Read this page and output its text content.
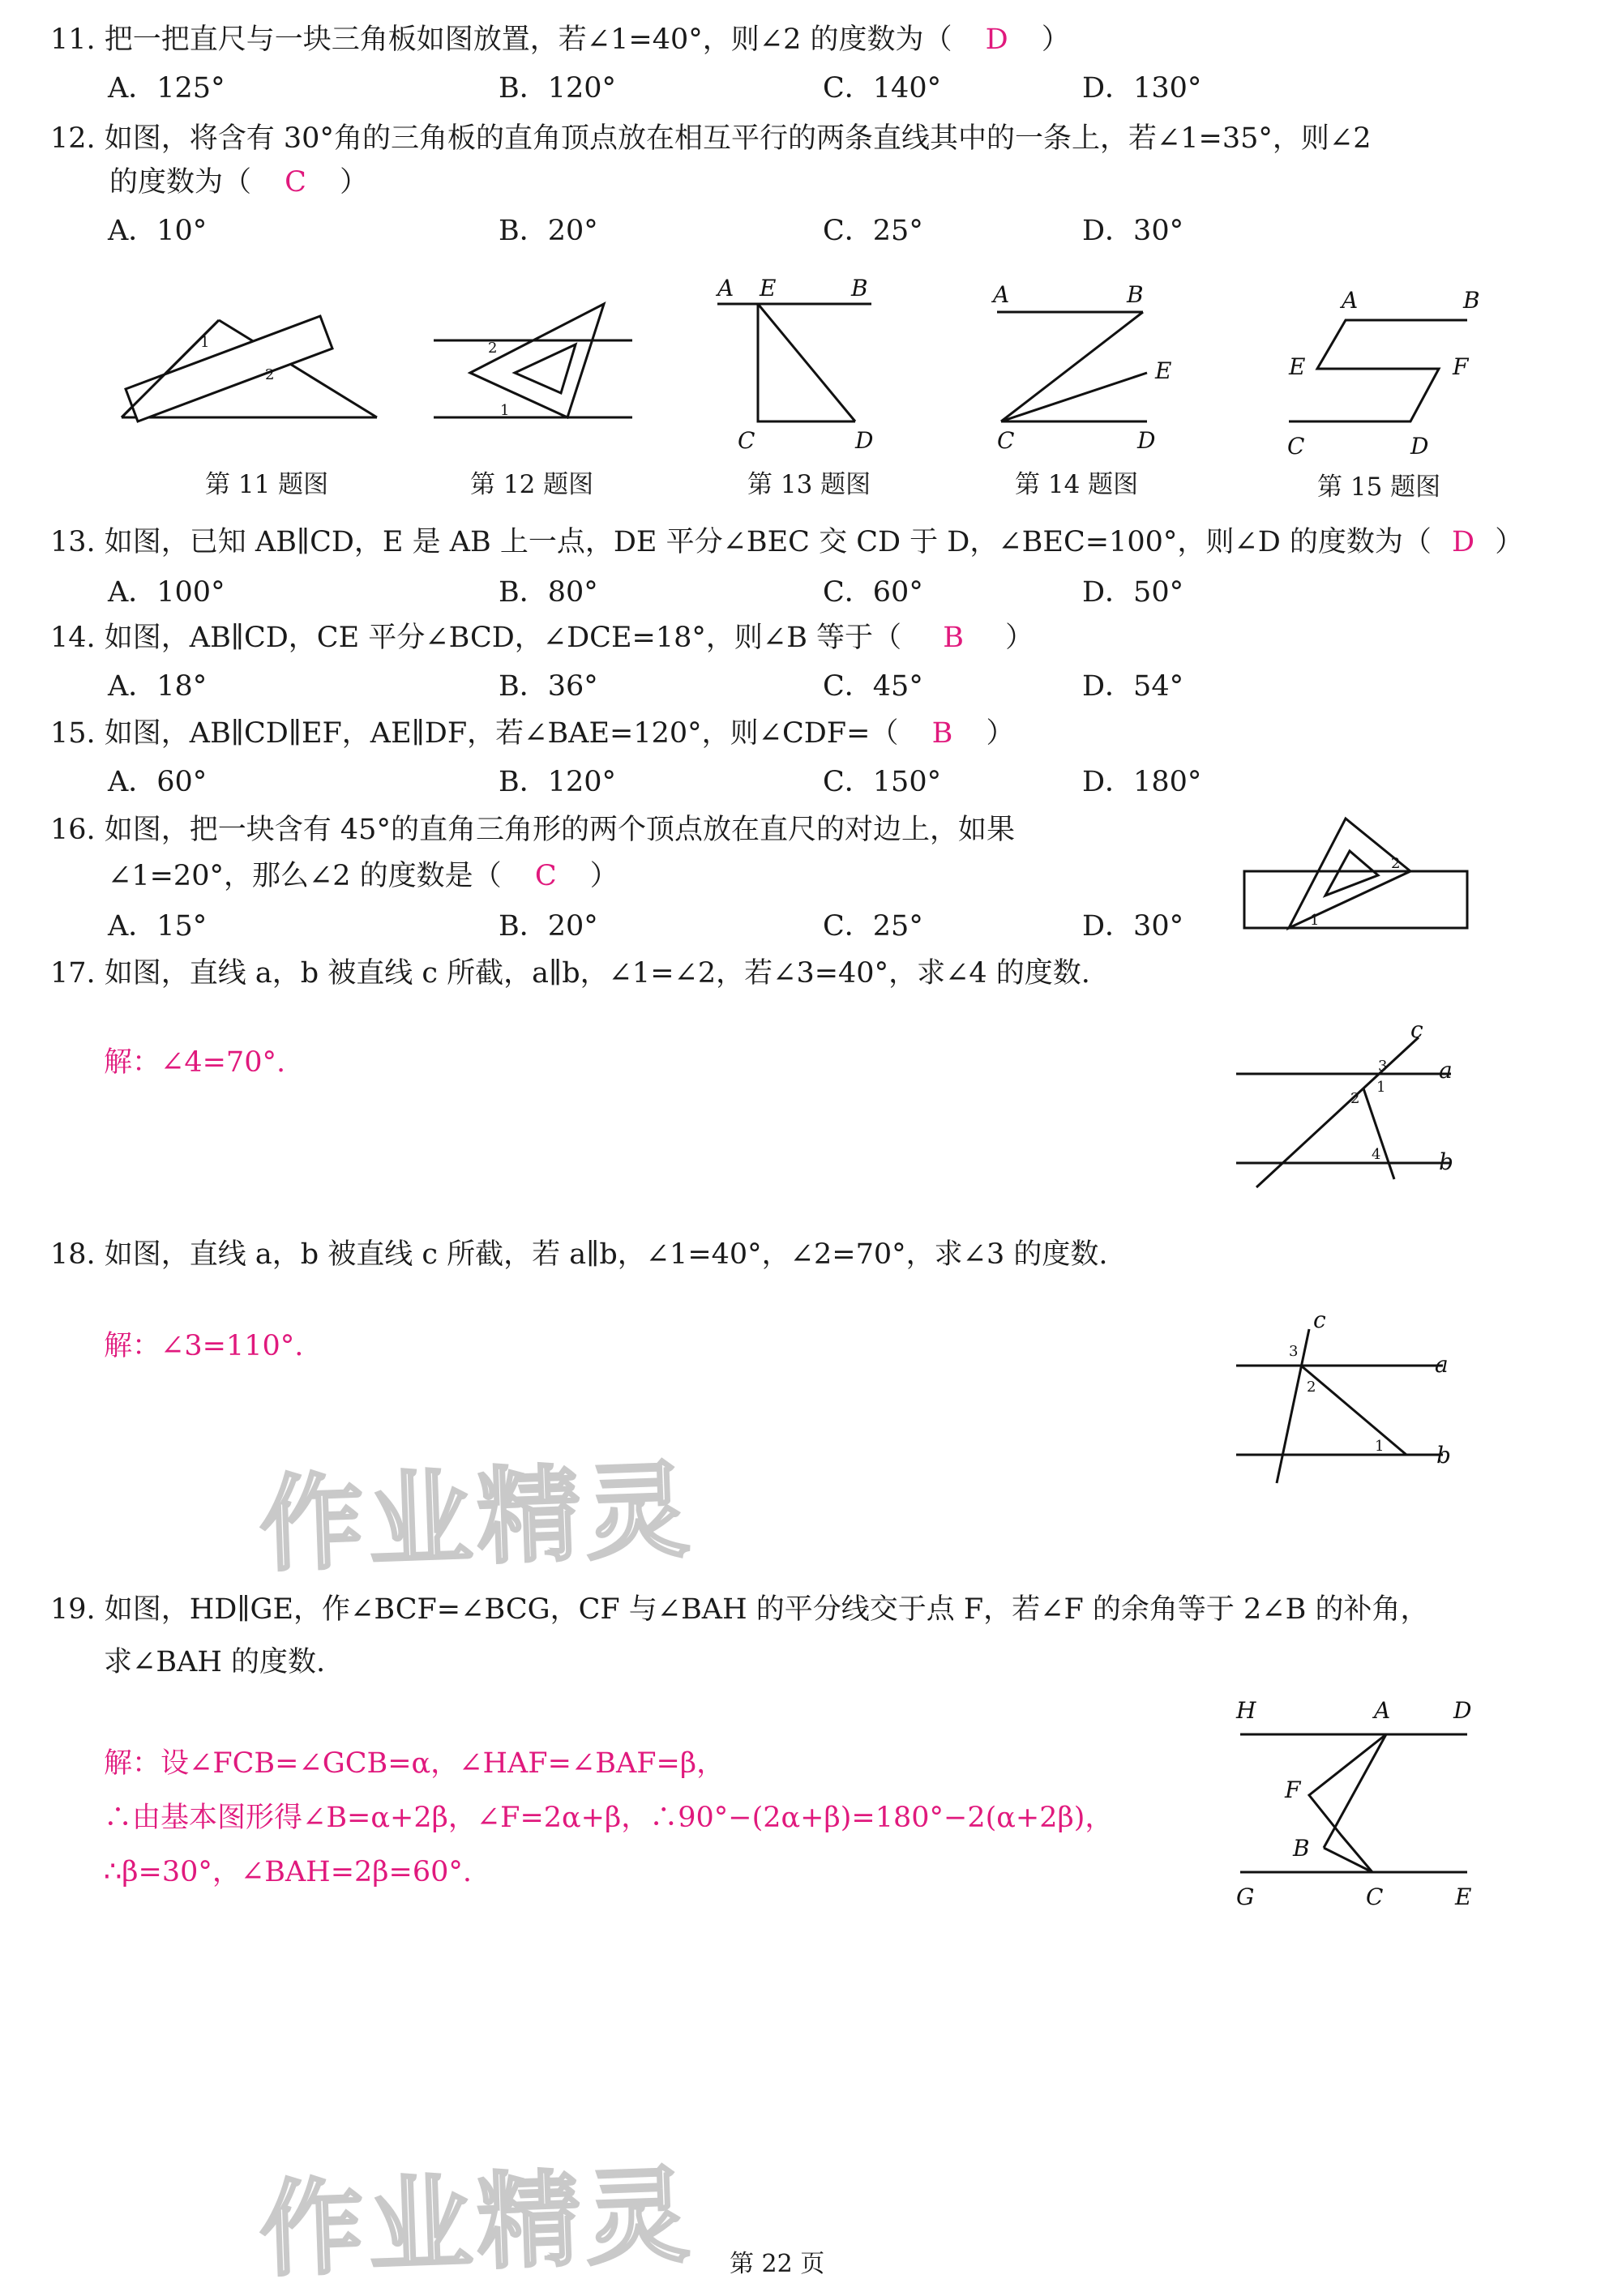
11. 把一把直尺与一块三角板如图放置，若∠1=40°，则∠2 的度数为（ D ）
A．125°	B．120°	C．140°	D．130°
12. 如图，将含有 30°角的三角板的直角顶点放在相互平行的两条直线其中的一条上，若∠1=35°，则∠2
的度数为（ C ）
A．10°	B．20°	C．25°	D．30°
1
2
2
1
A E	B
C	D
A	B
E
C	D
A	B
E	F
C	D
第 11 题图	第 12 题图	第 13 题图	第 14 题图	第 15 题图
13. 如图，已知 AB∥CD，E 是 AB 上一点，DE 平分∠BEC 交 CD 于 D，∠BEC=100°，则∠D 的度数为（ D ）
A．100°	B．80°	C．60°	D．50°
14. 如图，AB∥CD，CE 平分∠BCD，∠DCE=18°，则∠B 等于（ B ）
A．18°	B．36°	C．45°	D．54°
15. 如图，AB∥CD∥EF，AE∥DF，若∠BAE=120°，则∠CDF=（ B ）
A．60°	B．120°	C．150°	D．180°
16. 如图，把一块含有 45°的直角三角形的两个顶点放在直尺的对边上，如果
∠1=20°，那么∠2 的度数是（ C ）
A．15°	B．20°	C．25°	D．30°
2
1
17. 如图，直线 a，b 被直线 c 所截，a∥b，∠1=∠2，若∠3=40°，求∠4 的度数.
解：∠4=70°.
c
3 a
1
2
4	b
18. 如图，直线 a，b 被直线 c 所截，若 a∥b，∠1=40°，∠2=70°，求∠3 的度数.
解：∠3=110°.
c
3	a
2
1 b
作业精灵
作业精灵
19. 如图，HD∥GE，作∠BCF=∠BCG，CF 与∠BAH 的平分线交于点 F，若∠F 的余角等于 2∠B 的补角，
求∠BAH 的度数.
解：设∠FCB=∠GCB=α，∠HAF=∠BAF=β，
∴由基本图形得∠B=α+2β，∠F=2α+β，∴90°−(2α+β)=180°−2(α+2β)，
∴β=30°，∠BAH=2β=60°.
H	A	D
F
B
G	C	E
第 22 页
